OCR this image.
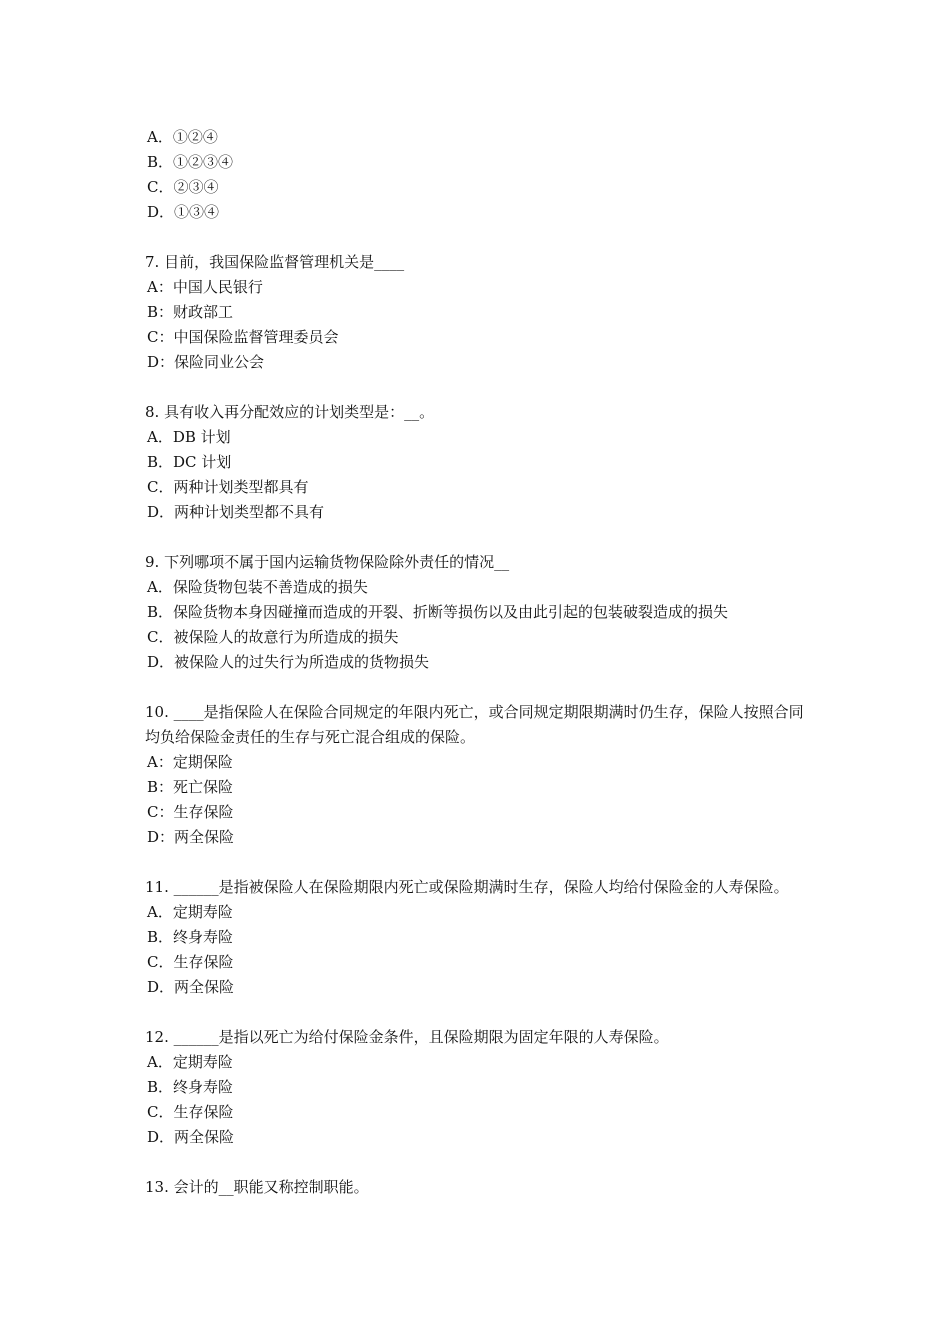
A．①②④
B．①②③④
C．②③④
D．①③④
7. 目前，我国保险监督管理机关是____
A：中国人民银行
B：财政部工
C：中国保险监督管理委员会
D：保险同业公会
8. 具有收入再分配效应的计划类型是：__。
A．DB 计划
B．DC 计划
C．两种计划类型都具有
D．两种计划类型都不具有
9. 下列哪项不属于国内运输货物保险除外责任的情况__
A．保险货物包装不善造成的损失
B．保险货物本身因碰撞而造成的开裂、折断等损伤以及由此引起的包装破裂造成的损失
C．被保险人的故意行为所造成的损失
D．被保险人的过失行为所造成的货物损失
10. ____是指保险人在保险合同规定的年限内死亡，或合同规定期限期满时仍生存，保险人按照合同均负给保险金责任的生存与死亡混合组成的保险。
A：定期保险
B：死亡保险
C：生存保险
D：两全保险
11. ______是指被保险人在保险期限内死亡或保险期满时生存，保险人均给付保险金的人寿保险。
A．定期寿险
B．终身寿险
C．生存保险
D．两全保险
12. ______是指以死亡为给付保险金条件，且保险期限为固定年限的人寿保险。
A．定期寿险
B．终身寿险
C．生存保险
D．两全保险
13. 会计的__职能又称控制职能。
